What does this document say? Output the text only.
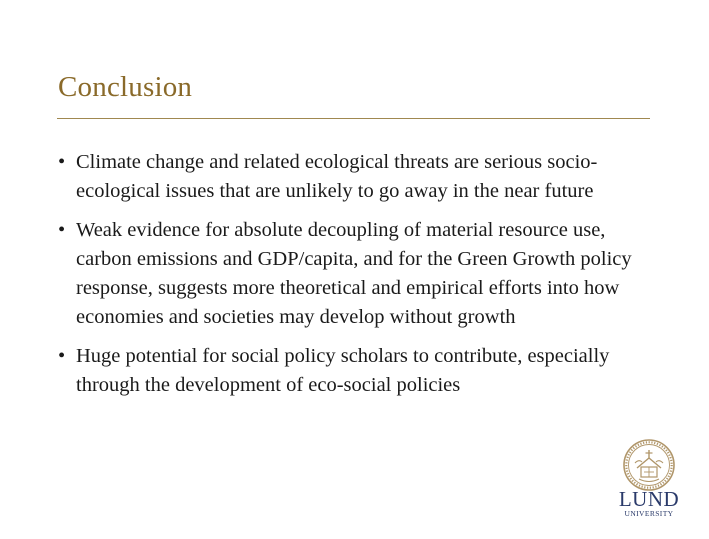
Conclusion
• Climate change and related ecological threats are serious socio-ecological issues that are unlikely to go away in the near future
• Weak evidence for absolute decoupling of material resource use, carbon emissions and GDP/capita, and for the Green Growth policy response, suggests more theoretical and empirical efforts into how economies and societies may develop without growth
• Huge potential for social policy scholars to contribute, especially through the development of eco-social policies
LUND
UNIVERSITY
